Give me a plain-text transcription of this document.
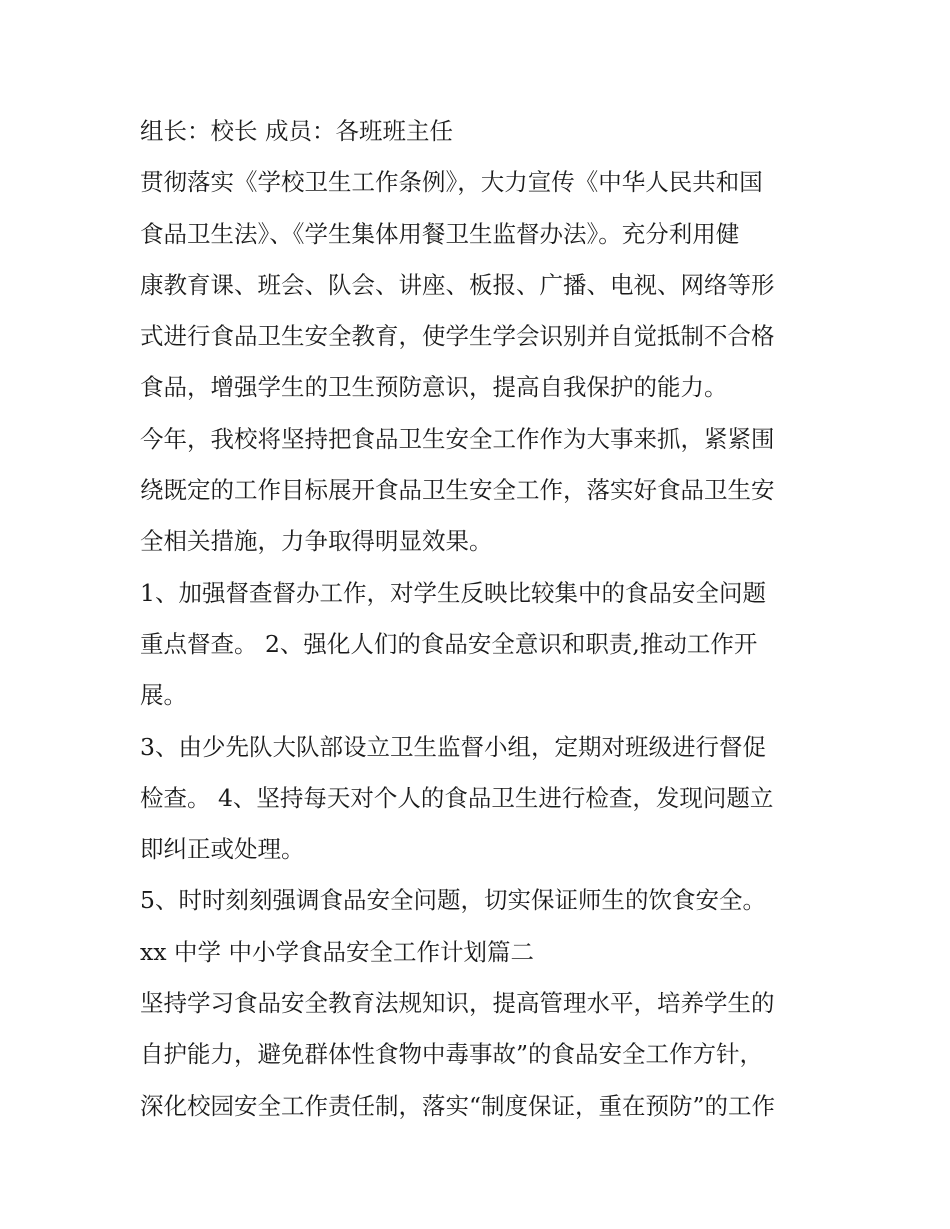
组长：校长 成员：各班班主任
贯彻落实《学校卫生工作条例》，大力宣传《中华人民共和国
食品卫生法》、《学生集体用餐卫生监督办法》。充分利用健
康教育课、班会、队会、讲座、板报、广播、电视、网络等形
式进行食品卫生安全教育，使学生学会识别并自觉抵制不合格
食品，增强学生的卫生预防意识，提高自我保护的能力。
今年，我校将坚持把食品卫生安全工作作为大事来抓，紧紧围
绕既定的工作目标展开食品卫生安全工作，落实好食品卫生安
全相关措施，力争取得明显效果。
1、加强督查督办工作，对学生反映比较集中的食品安全问题
重点督查。 2、强化人们的食品安全意识和职责,推动工作开
展。
3、由少先队大队部设立卫生监督小组，定期对班级进行督促
检查。 4、坚持每天对个人的食品卫生进行检查，发现问题立
即纠正或处理。
5、时时刻刻强调食品安全问题，切实保证师生的饮食安全。
xx 中学 中小学食品安全工作计划篇二
坚持学习食品安全教育法规知识，提高管理水平，培养学生的
自护能力，避免群体性食物中毒事故”的食品安全工作方针，
深化校园安全工作责任制，落实“制度保证，重在预防”的工作
